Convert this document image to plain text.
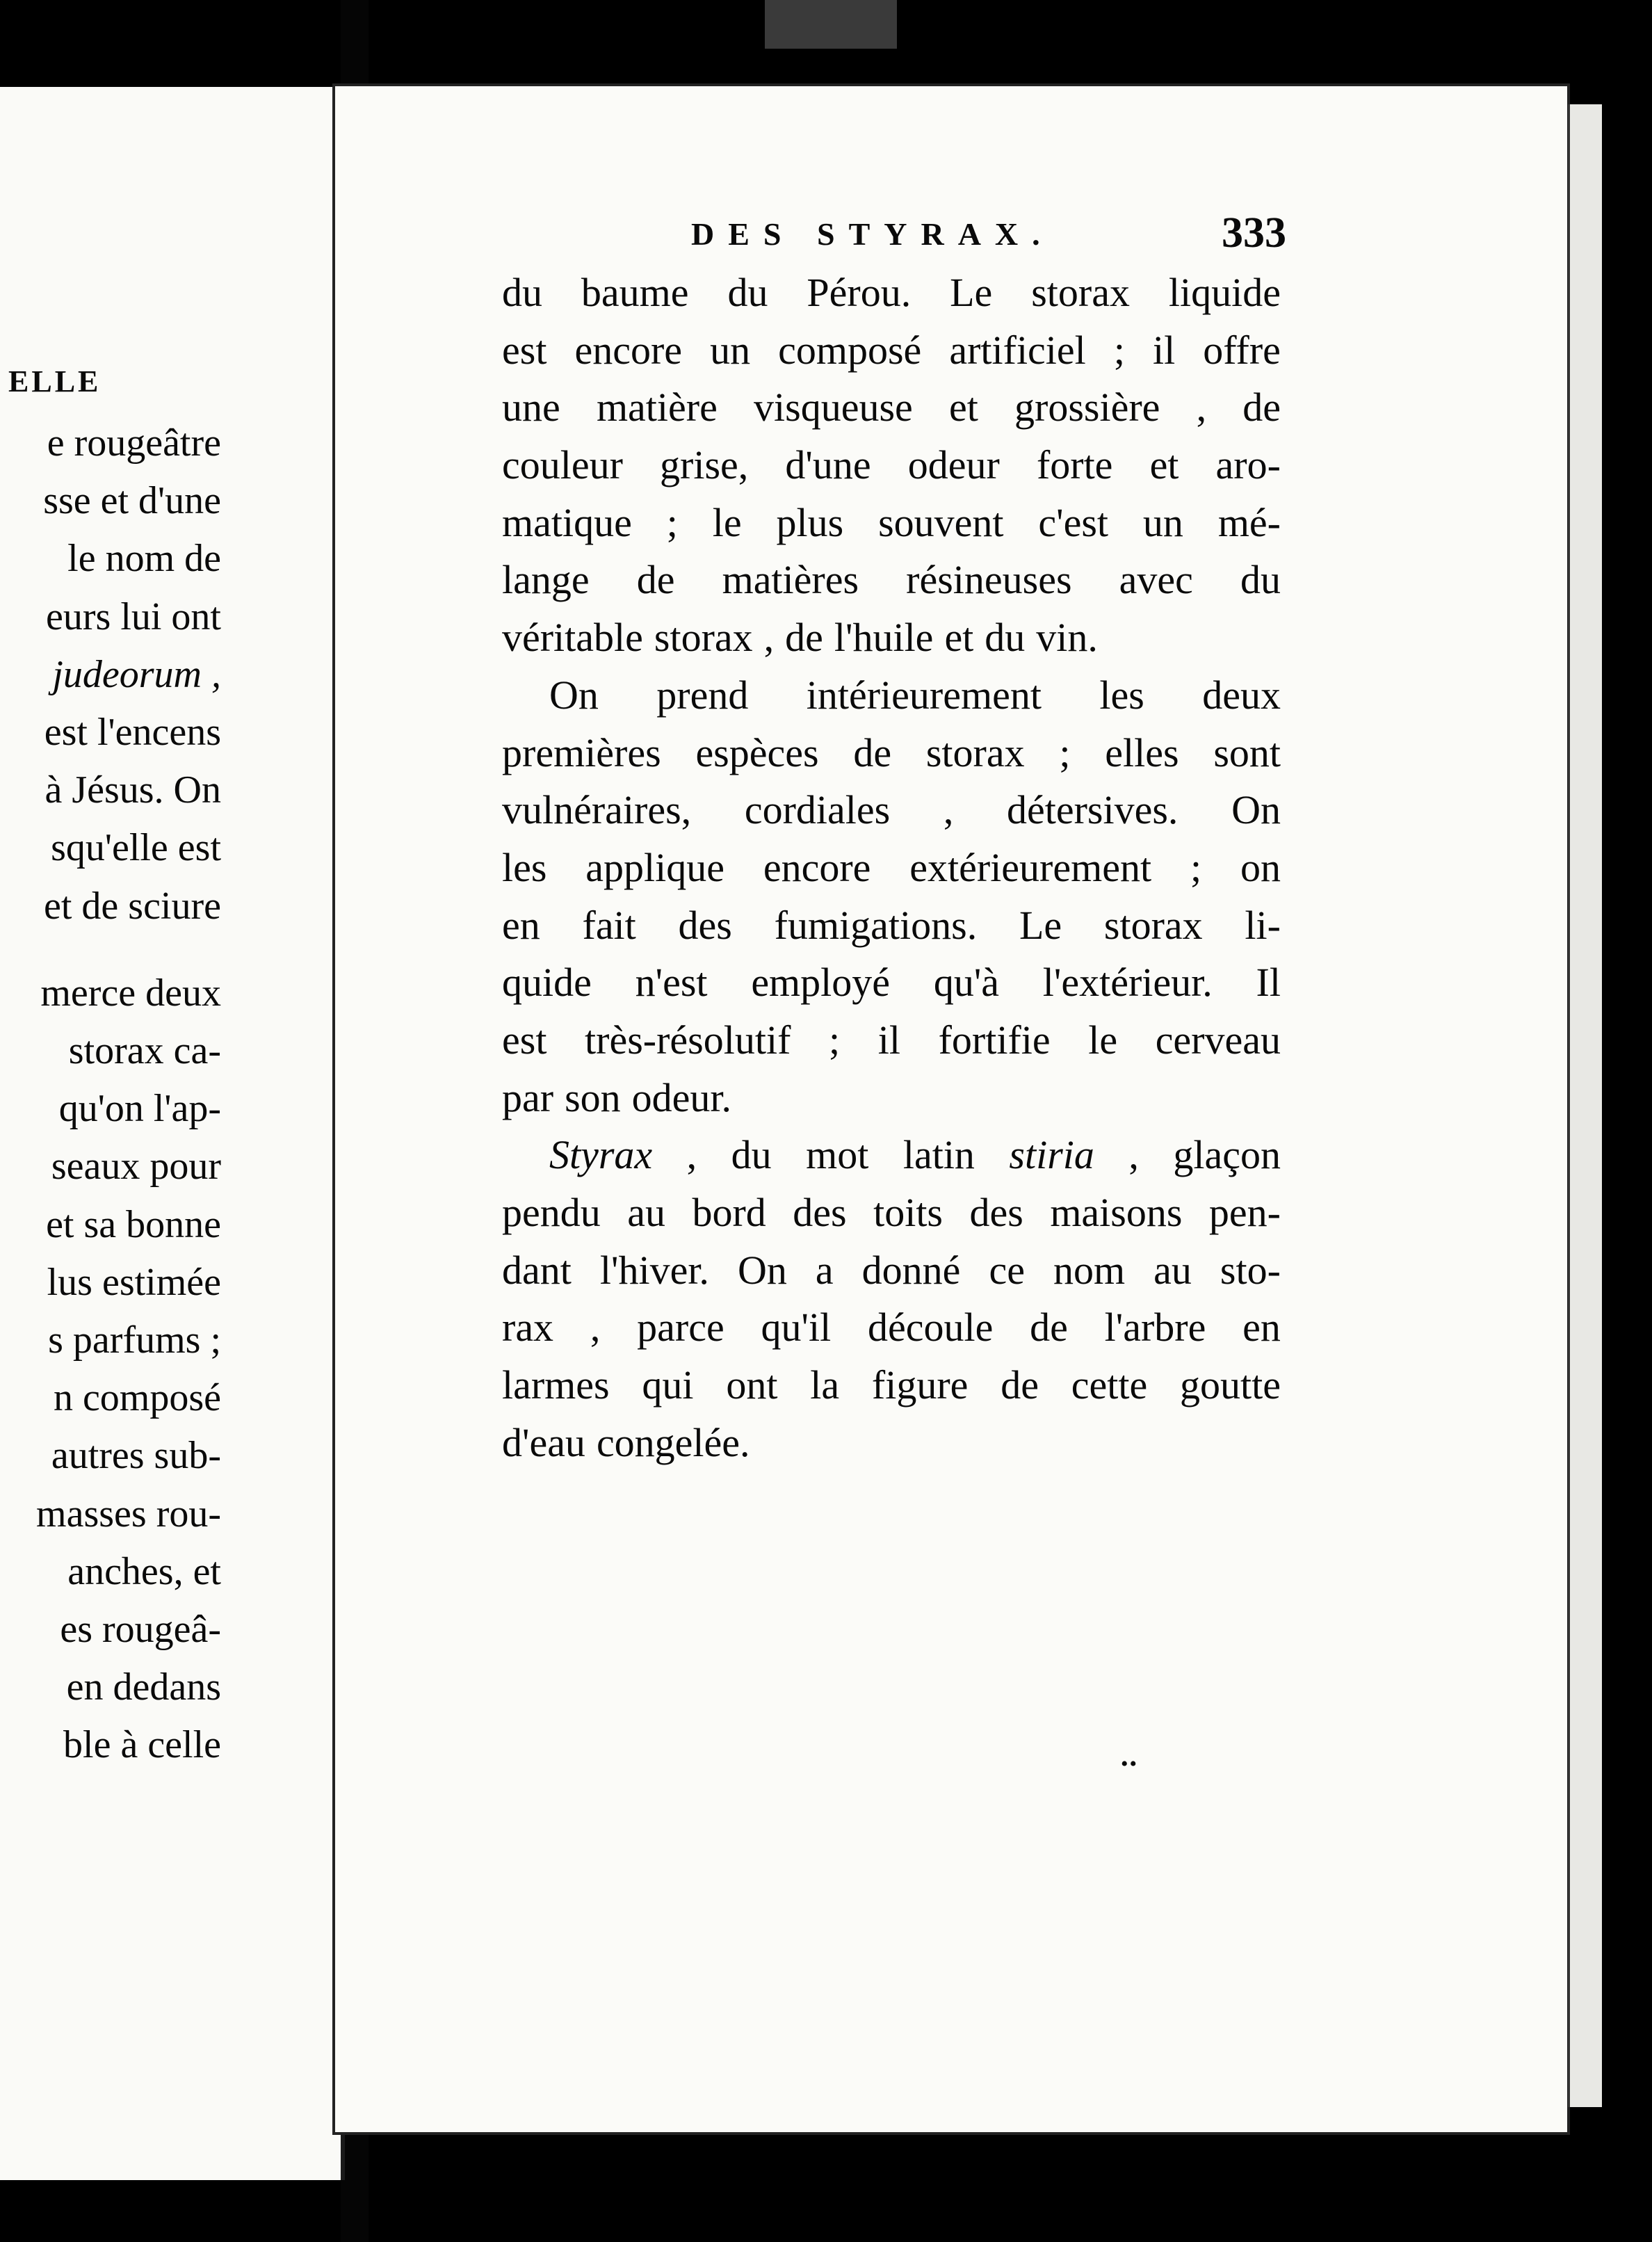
ELLE
e rougeâtre
sse et d'une
le nom de
eurs lui ont
judeorum ,
est l'encens
à Jésus. On
squ'elle est
et de sciure
merce deux
storax ca-
qu'on l'ap-
seaux pour
et sa bonne
lus estimée
s parfums ;
n composé
autres sub-
masses rou-
anches, et
es rougeâ-
en dedans
ble à celle
DES STYRAX.	333
du baume du Pérou. Le storax liquide
est encore un composé artificiel ; il offre
une matière visqueuse et grossière , de
couleur grise, d'une odeur forte et aro-
matique ; le plus souvent c'est un mé-
lange de matières résineuses avec du
véritable storax , de l'huile et du vin.
On prend intérieurement les deux
premières espèces de storax ; elles sont
vulnéraires, cordiales , détersives. On
les applique encore extérieurement ; on
en fait des fumigations. Le storax li-
quide n'est employé qu'à l'extérieur. Il
est très-résolutif ; il fortifie le cerveau
par son odeur.
Styrax , du mot latin stiria , glaçon
pendu au bord des toits des maisons pen-
dant l'hiver. On a donné ce nom au sto-
rax , parce qu'il découle de l'arbre en
larmes qui ont la figure de cette goutte
d'eau congelée.
••
